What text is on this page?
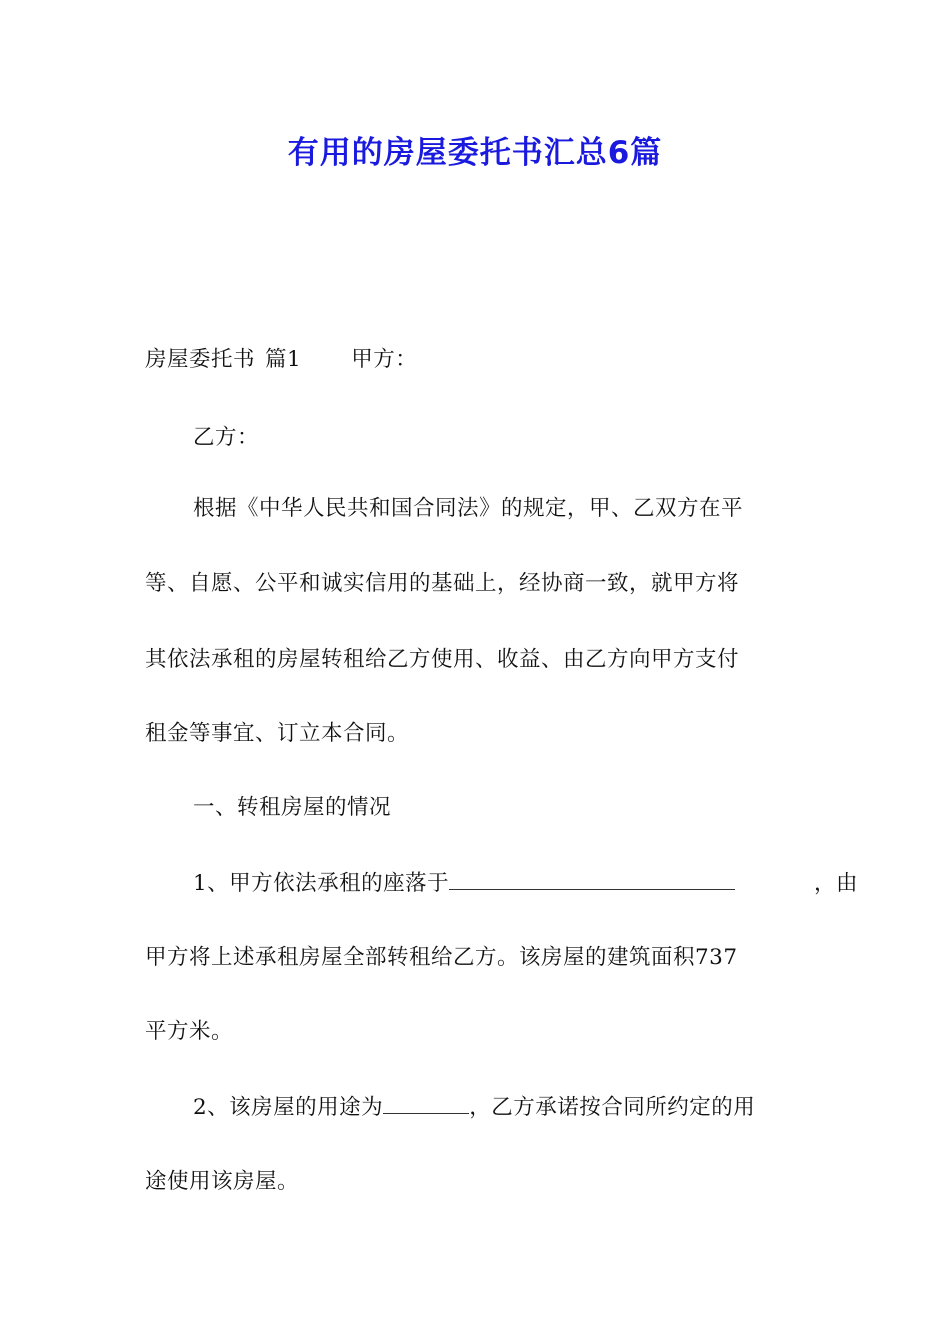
有用的房屋委托书汇总6篇
房屋委托书 篇1 甲方：
乙方：
根据《中华人民共和国合同法》的规定，甲、乙双方在平
等、自愿、公平和诚实信用的基础上，经协商一致，就甲方将
其依法承租的房屋转租给乙方使用、收益、由乙方向甲方支付
租金等事宜、订立本合同。
一、转租房屋的情况
1、甲方依法承租的座落于	，由
甲方将上述承租房屋全部转租给乙方。该房屋的建筑面积737
平方米。
2、该房屋的用途为	，乙方承诺按合同所约定的用
途使用该房屋。
